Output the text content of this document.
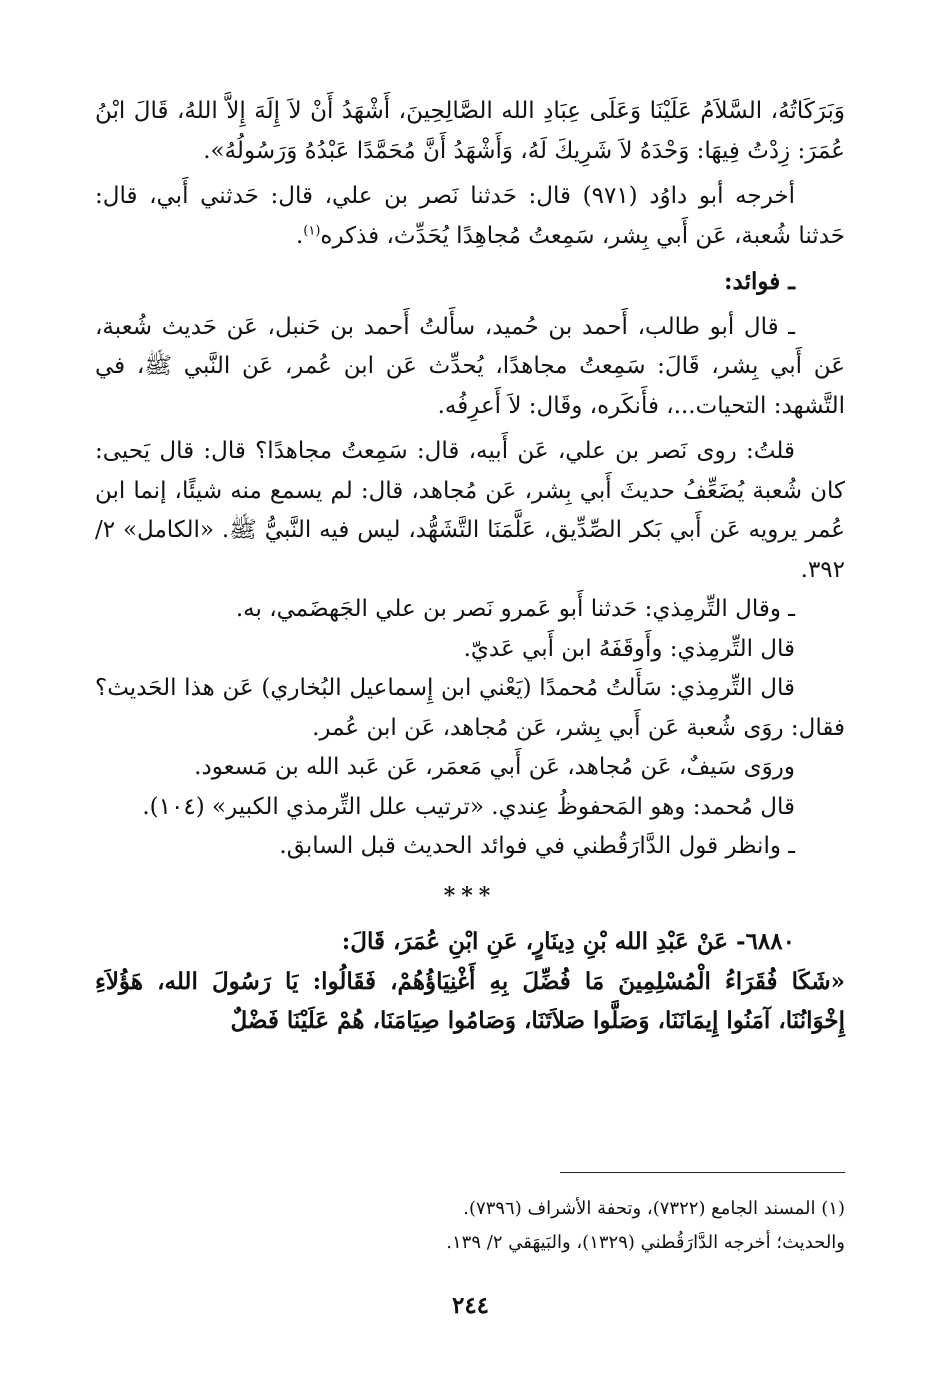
وَبَرَكَاتُهُ، السَّلاَمُ عَلَيْنَا وَعَلَى عِبَادِ الله الصَّالِحِينَ، أَشْهَدُ أَنْ لاَ إِلَهَ إِلاَّ اللهُ، قَالَ ابْنُ عُمَرَ: زِدْتُ فِيهَا: وَحْدَهُ لاَ شَرِيكَ لَهُ، وَأَشْهَدُ أَنَّ مُحَمَّدًا عَبْدُهُ وَرَسُولُهُ».

أخرجه أبو داوُد (٩٧١) قال: حَدثنا نَصر بن علي، قال: حَدثني أَبي، قال: حَدثنا شُعبة، عَن أَبي بِشر، سَمِعتُ مُجاهِدًا يُحَدِّث، فذكره$^{(١)}$.

ـ فوائد:

ـ قال أبو طالب، أَحمد بن حُميد، سأَلتُ أَحمد بن حَنبل، عَن حَديث شُعبة، عَن أَبي بِشر، قَالَ: سَمِعتُ مجاهدًا، يُحدِّث عَن ابن عُمر، عَن النَّبي ﷺ، في التَّشهد: التحيات...، فأَنكَره، وقَال: لاَ أَعرِفُه.

قلتُ: روى نَصر بن علي، عَن أَبيه، قال: سَمِعتُ مجاهدًا؟ قال: قال يَحيى: كان شُعبة يُضَعِّفُ حديثَ أَبي بِشر، عَن مُجاهد، قال: لم يسمع منه شيئًا، إنما ابن عُمر يرويه عَن أَبي بَكر الصِّدِّيق، عَلَّمَنَا التَّشَهُّد، ليس فيه النَّبيُّ ﷺ. «الكامل» ٢/ ٣٩٢.

ـ وقال التِّرمِذي: حَدثنا أَبو عَمرو نَصر بن علي الجَهضَمي، به.

قال التِّرمِذي: وأَوقَفَهُ ابن أَبي عَديّ.

قال التِّرمِذي: سَأَلتُ مُحمدًا (يَعْني ابن إِسماعيل البُخاري) عَن هذا الحَديث؟ فقال: روَى شُعبة عَن أَبي بِشر، عَن مُجاهد، عَن ابن عُمر.

وروَى سَيفٌ، عَن مُجاهد، عَن أَبي مَعمَر، عَن عَبد الله بن مَسعود.

قال مُحمد: وهو المَحفوظُ عِندي. «ترتيب علل التِّرمذي الكبير» (١٠٤).

ـ وانظر قول الدَّارَقُطني في فوائد الحديث قبل السابق.

***

٦٨٨٠- عَنْ عَبْدِ الله بْنِ دِينَارٍ، عَنِ ابْنِ عُمَرَ، قَالَ:

«شَكَا فُقَرَاءُ الْمُسْلِمِينَ مَا فُضِّلَ بِهِ أَغْنِيَاؤُهُمْ، فَقَالُوا: يَا رَسُولَ الله، هَؤُلاَءِ إِخْوَانُنَا، آمَنُوا إِيمَانَنَا، وَصَلَّوا صَلاَتَنَا، وَصَامُوا صِيَامَنَا، هُمْ عَلَيْنَا فَضْلٌ

(١) المسند الجامع (٧٣٢٢)، وتحفة الأشراف (٧٣٩٦).

والحديث؛ أخرجه الدَّارَقُطني (١٣٢٩)، والبَيهَقي ٢/ ١٣٩.

٢٤٤
